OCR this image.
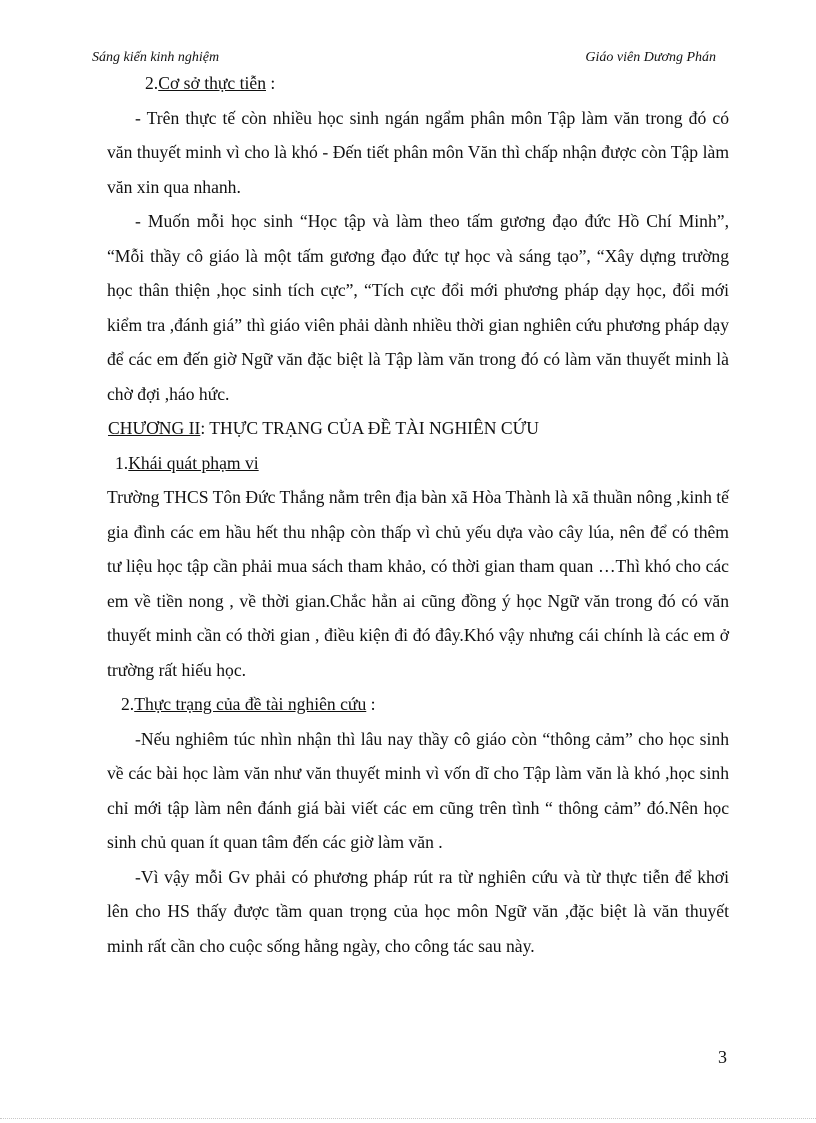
Sáng kiến kinh nghiệm	Giáo viên Dương Phán

2.Cơ sở thực tiễn :

- Trên thực tế còn nhiều học sinh ngán ngẩm phân môn Tập làm văn trong đó có văn thuyết minh vì cho là khó - Đến tiết phân môn Văn thì chấp nhận được còn Tập làm văn xin qua nhanh.

- Muốn mỗi học sinh “Học tập và làm theo tấm gương đạo đức Hồ Chí Minh”, “Mỗi thầy cô giáo là một tấm gương đạo đức tự học và sáng tạo”, “Xây dựng trường học thân thiện ,học sinh tích cực”, “Tích cực đổi mới phương pháp dạy học, đổi mới kiểm tra ,đánh giá” thì giáo viên phải dành nhiều thời gian nghiên cứu phương pháp dạy để các em đến giờ Ngữ văn đặc biệt là Tập làm văn trong đó có làm văn thuyết minh là chờ đợi ,háo hức.

CHƯƠNG II: THỰC TRẠNG CỦA ĐỀ TÀI NGHIÊN CỨU

1.Khái quát phạm vi

Trường THCS Tôn Đức Thắng nằm trên địa bàn xã Hòa Thành là xã thuần nông ,kinh tế gia đình các em hầu hết thu nhập còn thấp vì chủ yếu dựa vào cây lúa, nên để có thêm tư liệu học tập cần phải mua sách tham khảo, có thời gian tham quan …Thì khó cho các em về tiền nong , về thời gian.Chắc hẳn ai cũng đồng ý học Ngữ văn trong đó có văn thuyết minh cần có thời gian , điều kiện đi đó đây.Khó vậy nhưng cái chính là các em ở trường rất hiếu học.

2.Thực trạng của đề tài nghiên cứu :

-Nếu nghiêm túc nhìn nhận thì lâu nay thầy cô giáo còn “thông cảm” cho học sinh về các bài học làm văn như văn thuyết minh vì vốn dĩ cho Tập làm văn là khó ,học sinh chỉ mới tập làm nên đánh giá bài viết các em cũng trên tình “ thông cảm” đó.Nên học sinh chủ quan ít quan tâm đến các giờ làm văn .

-Vì vậy mỗi Gv phải có phương pháp rút ra từ nghiên cứu và từ thực tiễn để khơi lên cho HS thấy được tầm quan trọng của học môn Ngữ văn ,đặc biệt là văn thuyết minh rất cần cho cuộc sống hằng ngày, cho công tác sau này.

3
